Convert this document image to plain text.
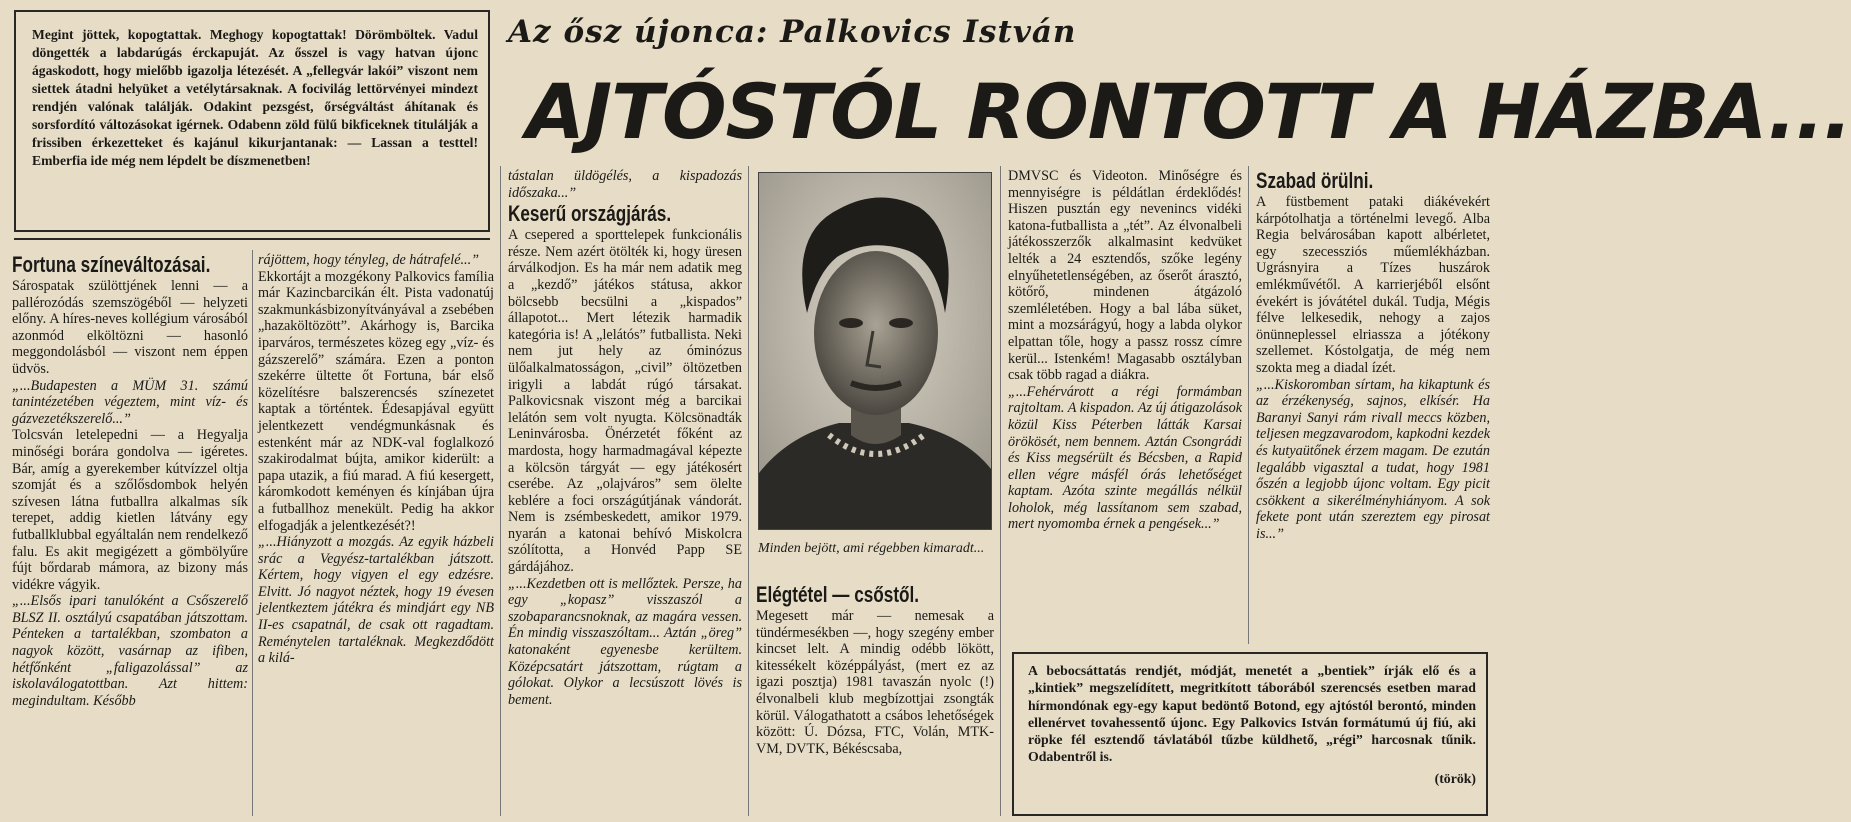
Megint jöttek, kopogtattak. Meghogy kopogtattak! Dörömböltek. Vadul döngették a labdarúgás érckapuját. Az ősszel is vagy hatvan újonc ágaskodott, hogy mielőbb igazolja létezését. A „fellegvár lakói” viszont nem siettek átadni helyüket a vetélytársaknak. A focivilág lettörvényei mindezt rendjén valónak találják. Odakint pezsgést, őrségváltást áhítanak és sorsfordító változásokat igérnek. Odabenn zöld fülű bikficeknek titulálják a frissiben érkezetteket és kajánul kikurjantanak: — Lassan a testtel! Emberfia ide még nem lépdelt be díszmenetben!
Az ősz újonca: Palkovics István
AJTÓSTÓL RONTOTT A HÁZBA...
Fortuna színeváltozásai.

Sárospatak szülöttjének lenni — a pallérozódás szemszögéből — helyzeti előny. A híres-neves kollégium városából azonmód elköltözni — hasonló meggondolásból — viszont nem éppen üdvös.

„...Budapesten a MÜM 31. számú tanintézetében végeztem, mint víz- és gázvezetékszerelő...”

Tolcsván letelepedni — a Hegyalja minőségi borára gondolva — igéretes. Bár, amíg a gyerekember kútvízzel oltja szomját és a szőlősdombok helyén szívesen látna futballra alkalmas sík terepet, addig kietlen látvány egy futballklubbal egyáltalán nem rendelkező falu. Es akit megigézett a gömbölyűre fújt bőrdarab mámora, az bizony más vidékre vágyik.

„...Elsős ipari tanulóként a Csőszerelő BLSZ II. osztályú csapatában játszottam. Pénteken a tartalékban, szombaton a nagyok között, vasárnap az ifiben, hétfőnként „faligazolással” az iskolaválogatottban. Azt hittem: megindultam. Később

rájöttem, hogy tényleg, de hátrafelé...”

Ekkortájt a mozgékony Palkovics família már Kazincbarcikán élt. Pista vadonatúj szakmunkásbizonyítványával a zsebében „hazaköltözött”. Akárhogy is, Barcika iparváros, természetes közeg egy „víz- és gázszerelő” számára. Ezen a ponton szekérre ültette őt Fortuna, bár első közelítésre balszerencsés színezetet kaptak a történtek. Édesapjával együtt jelentkezett vendégmunkásnak és estenként már az NDK-val foglalkozó szakirodalmat bújta, amikor kiderült: a papa utazik, a fiú marad. A fiú kesergett, káromkodott keményen és kínjában újra a futballhoz menekült. Pedig ha akkor elfogadják a jelentkezését?!

„...Hiányzott a mozgás. Az egyik házbeli srác a Vegyész-tartalékban játszott. Kértem, hogy vigyen el egy edzésre. Elvitt. Jó nagyot néztek, hogy 19 évesen jelentkeztem játékra és mindjárt egy NB II-es csapatnál, de csak ott ragadtam. Reménytelen tartaléknak. Megkezdődött a kilá-

tástalan üldögélés, a kispadozás időszaka...”

Keserű országjárás.

A csepered a sporttelepek funkcionális része. Nem azért ötölték ki, hogy üresen árválkodjon. Es ha már nem adatik meg a „kezdő” játékos státusa, akkor bölcsebb becsülni a „kispados” állapotot... Mert létezik harmadik kategória is! A „lelátós” futballista. Neki nem jut hely az óminózus ülőalkalmatosságon, „civil” öltözetben irigyli a labdát rúgó társakat. Palkovicsnak viszont még a barcikai lelátón sem volt nyugta. Kölcsönadták Leninvárosba. Önérzetét főként az mardosta, hogy harmadmagával képezte a kölcsön tárgyát — egy játékosért cserébe. Az „olajváros” sem ölelte keblére a foci országútjának vándorát. Nem is zsémbeskedett, amikor 1979. nyarán a katonai behívó Miskolcra szólította, a Honvéd Papp SE gárdájához.

„...Kezdetben ott is mellőztek. Persze, ha egy „kopasz” visszaszól a szobaparancsnoknak, az magára vessen. Én mindig visszaszóltam... Aztán „öreg” katonaként egyenesbe kerültem. Középcsatárt játszottam, rúgtam a gólokat. Olykor a lecsúszott lövés is bement.

Minden bejött, ami régebben kimaradt...
Elégtétel — csőstől.

Megesett már — nemesak a tündérmesékben —, hogy szegény ember kincset lelt. A mindig odébb lökött, kitessékelt középpályást, (mert ez az igazi posztja) 1981 tavaszán nyolc (!) élvonalbeli klub megbízottjai zsongták körül. Válogathatott a csábos lehetőségek között: Ú. Dózsa, FTC, Volán, MTK-VM, DVTK, Békéscsaba,

DMVSC és Videoton. Minőségre és mennyiségre is példátlan érdeklődés! Hiszen pusztán egy nevenincs vidéki katona-futballista a „tét”. Az élvonalbeli játékosszerzők alkalmasint kedvüket lelték a 24 esztendős, szőke legény elnyűhetetlenségében, az őserőt árasztó, kötőrő, mindenen átgázoló szemléletében. Hogy a bal lába süket, mint a mozsárágyú, hogy a labda olykor elpattan tőle, hogy a passz rossz címre kerül... Istenkém! Magasabb osztályban csak több ragad a diákra.

„...Fehérvárott a régi formámban rajtoltam. A kispadon. Az új átigazolások közül Kiss Péterben látták Karsai örökösét, nem bennem. Aztán Csongrádi és Kiss megsérült és Bécsben, a Rapid ellen végre másfél órás lehetőséget kaptam. Azóta szinte megállás nélkül loholok, még lassítanom sem szabad, mert nyomomba érnek a pengések...”

Szabad örülni.

A füstbement pataki diákévekért kárpótolhatja a történelmi levegő. Alba Regia belvárosában kapott albérletet, egy szecessziós műemlékházban. Ugrásnyira a Tízes huszárok emlékművétől. A karrierjéből elsőnt évekért is jóvátétel dukál. Tudja, Mégis félve lelkesedik, nehogy a zajos önünneplessel elriassza a jótékony szellemet. Kóstolgatja, de még nem szokta meg a diadal ízét.

„...Kiskoromban sírtam, ha kikaptunk és az érzékenység, sajnos, elkísér. Ha Baranyi Sanyi rám rivall meccs közben, teljesen megzavarodom, kapkodni kezdek és kutyaütőnek érzem magam. De ezután legalább vigasztal a tudat, hogy 1981 őszén a legjobb újonc voltam. Egy picit csökkent a sikerélményhiányom. A sok fekete pont után szereztem egy pirosat is...”

A bebocsáttatás rendjét, módját, menetét a „bentiek” írják elő és a „kintiek” megszelídített, megritkított táborából szerencsés esetben marad hírmondónak egy-egy kaput bedöntő Botond, egy ajtóstól berontó, minden ellenérvet tovahessentő újonc. Egy Palkovics István formátumú új fiú, aki röpke fél esztendő távlatából tűzbe küldhető, „régi” harcosnak tűnik. Odabentről is.
(török)
